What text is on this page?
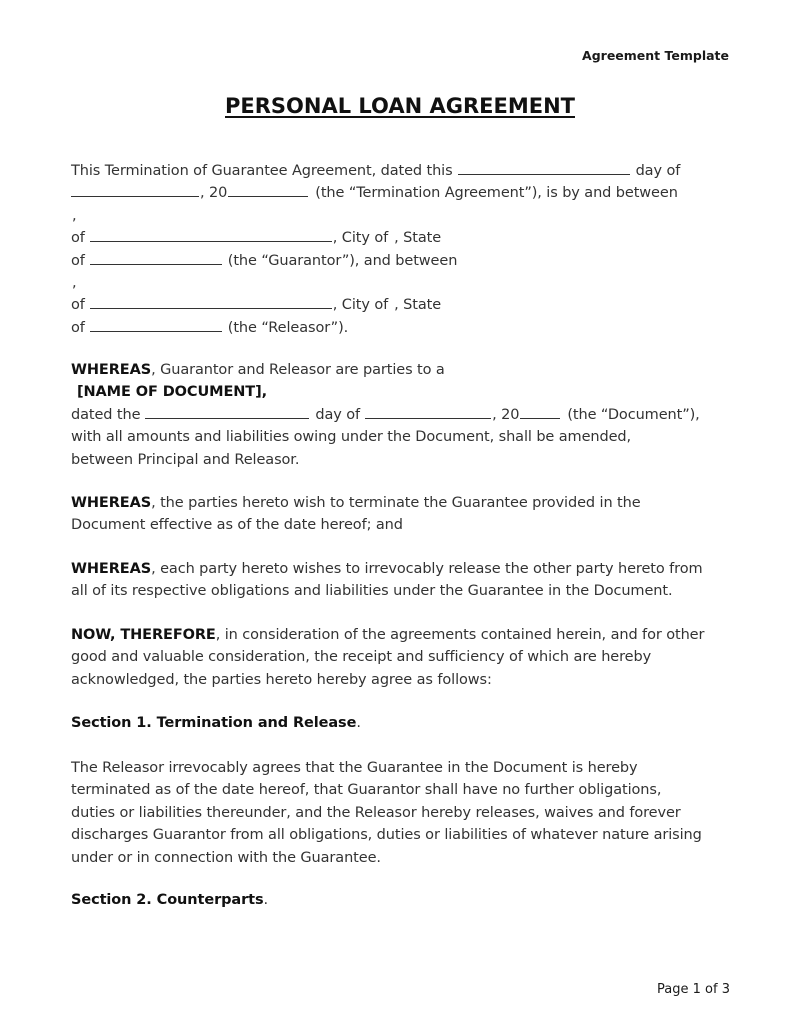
Agreement Template
PERSONAL LOAN AGREEMENT
This Termination of Guarantee Agreement, dated this	day of
, 20	(the “Termination Agreement”), is by and between
,
of	, City of , State
of	(the “Guarantor”), and between
,
of	, City of , State
of	(the “Releasor”).
WHEREAS , Guarantor and Releasor are parties to a
[NAME OF DOCUMENT],
dated the	day of	, 20	(the “Document”),
with all amounts and liabilities owing under the Document, shall be amended,
between Principal and Releasor.
WHEREAS , the parties hereto wish to terminate the Guarantee provided in the
Document effective as of the date hereof; and
WHEREAS , each party hereto wishes to irrevocably release the other party hereto from
all of its respective obligations and liabilities under the Guarantee in the Document.
NOW, THEREFORE , in consideration of the agreements contained herein, and for other
good and valuable consideration, the receipt and sufficiency of which are hereby
acknowledged, the parties hereto hereby agree as follows:
Section 1. Termination and Release .
The Releasor irrevocably agrees that the Guarantee in the Document is hereby
terminated as of the date hereof, that Guarantor shall have no further obligations,
duties or liabilities thereunder, and the Releasor hereby releases, waives and forever
discharges Guarantor from all obligations, duties or liabilities of whatever nature arising
under or in connection with the Guarantee.
Section 2. Counterparts .
Page 1 of 3
